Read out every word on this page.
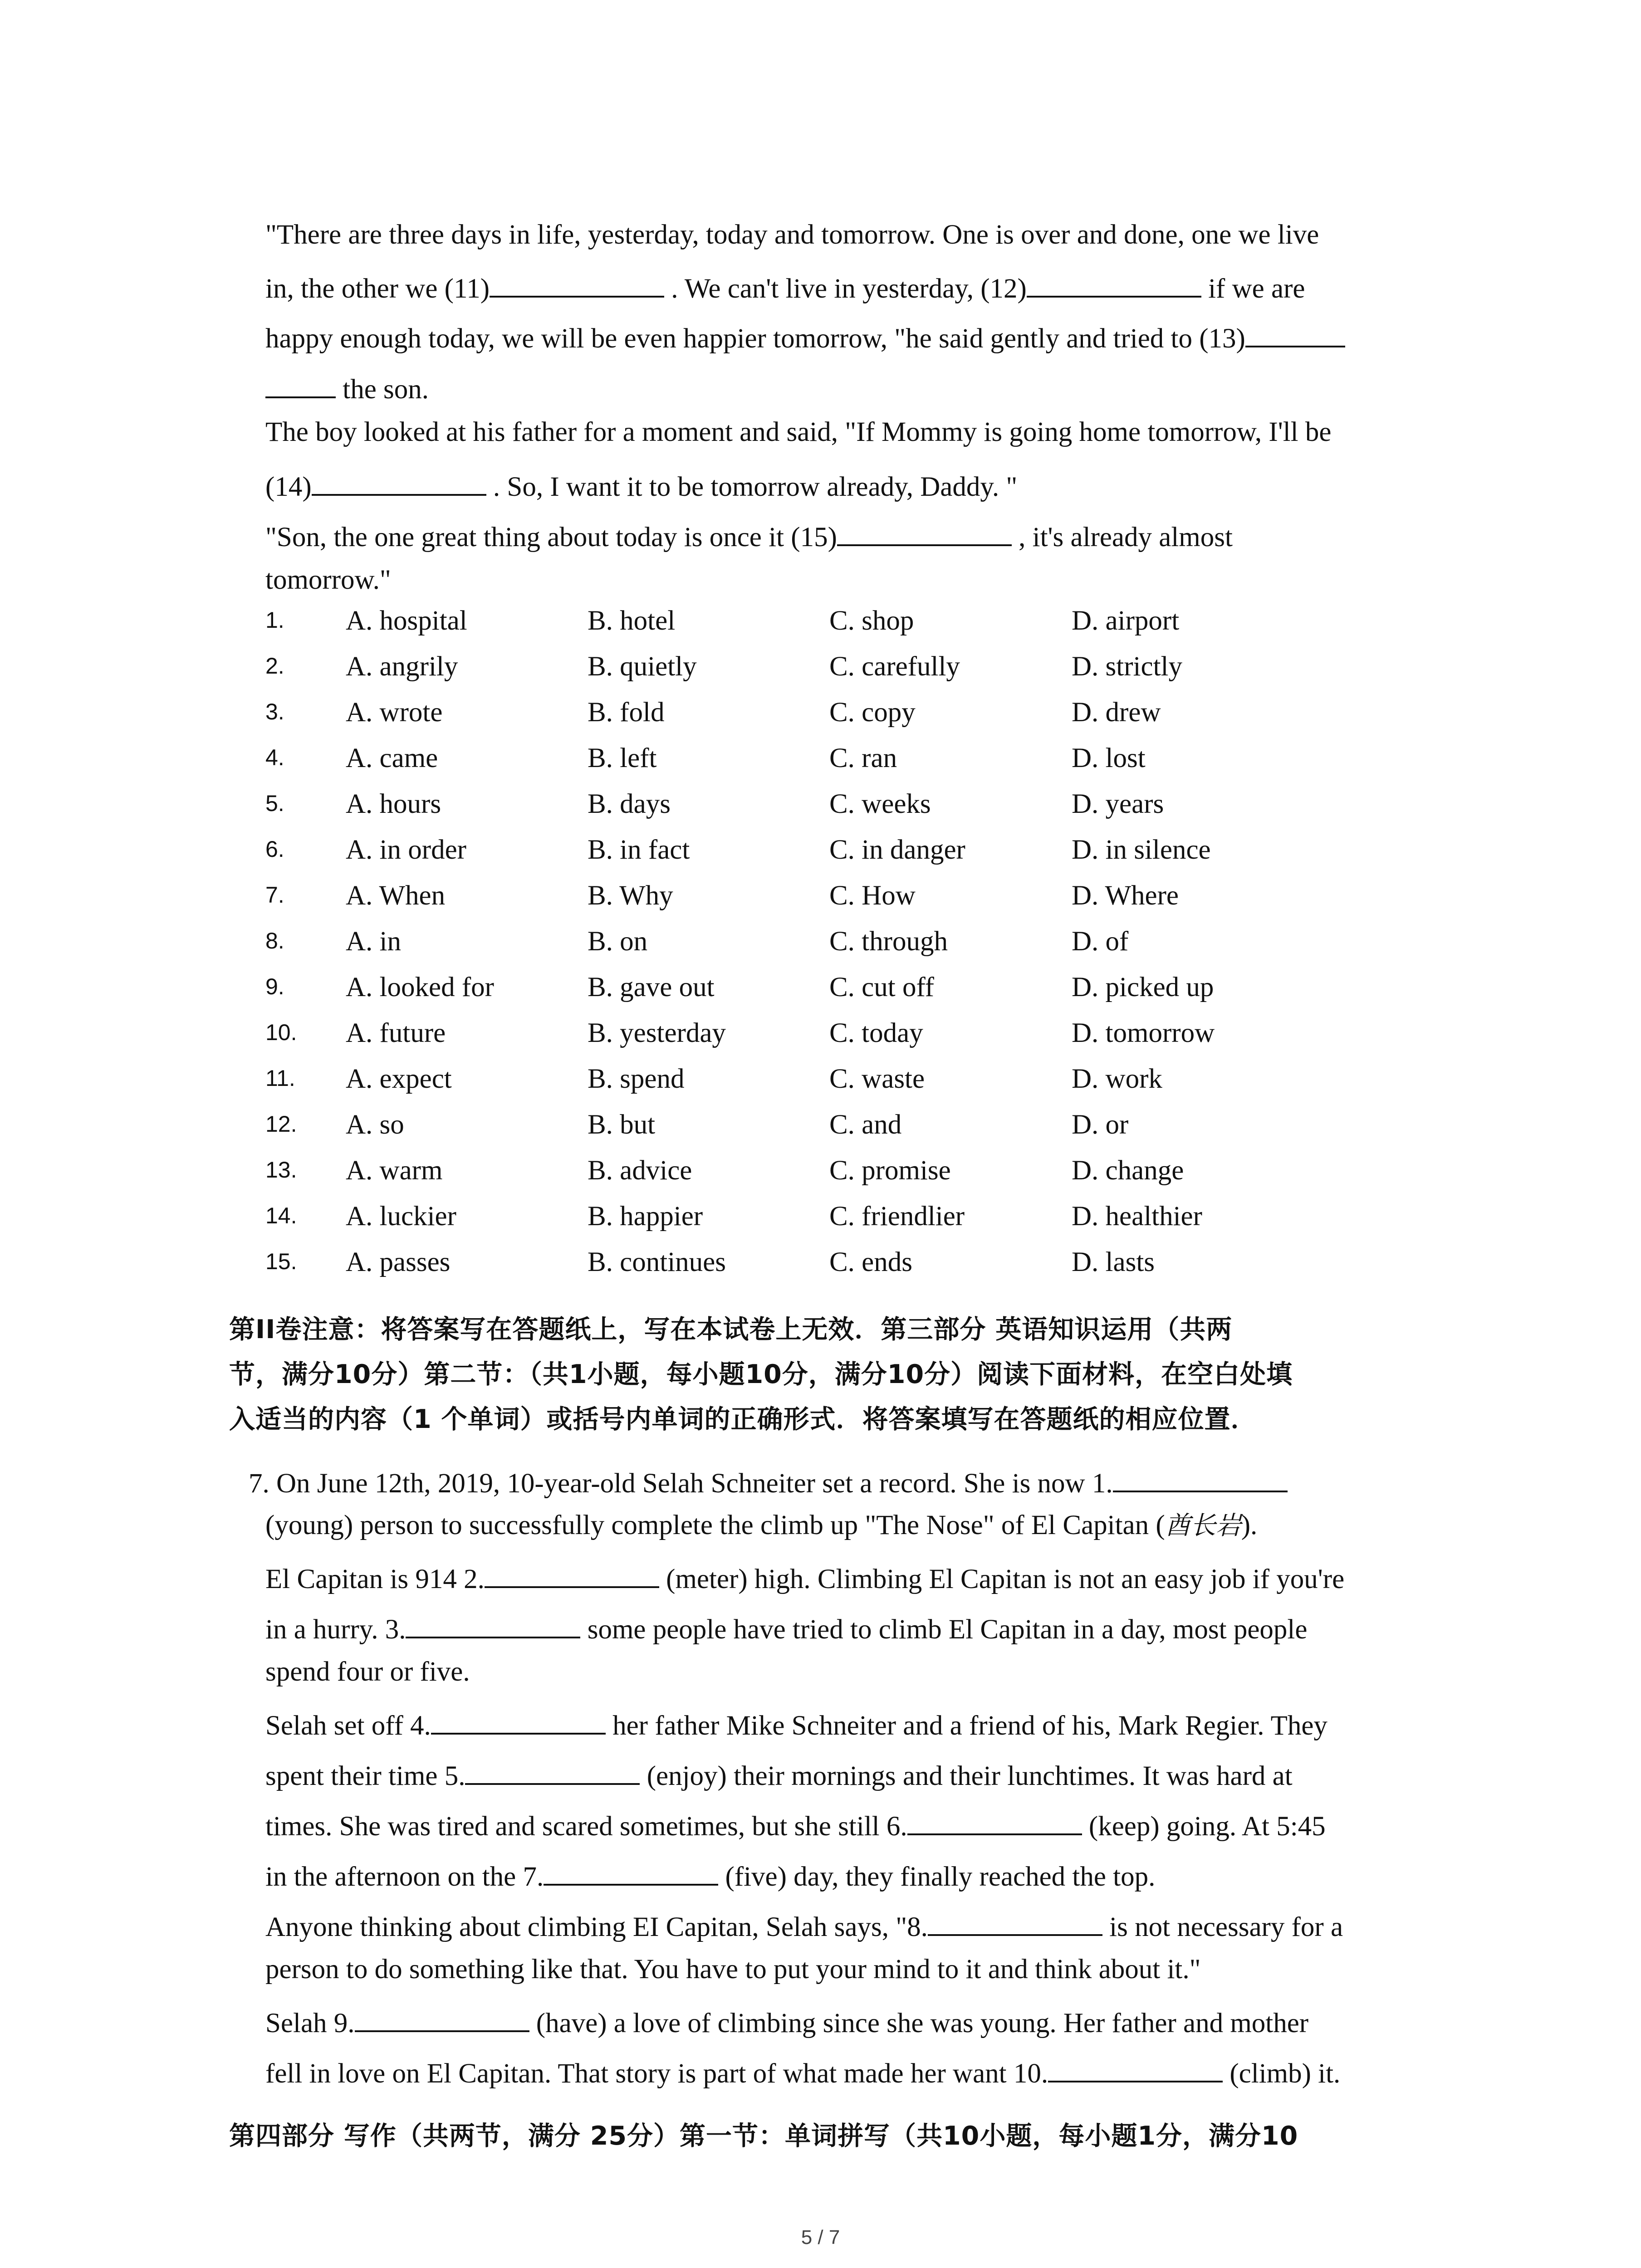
"There are three days in life, yesterday, today and tomorrow. One is over and done, one we live
in, the other we (11)	. We can't live in yesterday, (12)	if we are
happy enough today, we will be even happier tomorrow, "he said gently and tried to (13)
the son.
The boy looked at his father for a moment and said, "If Mommy is going home tomorrow, I'll be
(14)	. So, I want it to be tomorrow already, Daddy. "
"Son, the one great thing about today is once it (15)	, it's already almost
tomorrow."
1. A. hospital	B. hotel	C. shop	D. airport
2. A. angrily	B. quietly	C. carefully	D. strictly
3. A. wrote	B. fold	C. copy	D. drew
4. A. came	B. left	C. ran	D. lost
5. A. hours	B. days	C. weeks	D. years
6. A. in order	B. in fact	C. in danger	D. in silence
7. A. When	B. Why	C. How	D. Where
8. A. in	B. on	C. through	D. of
9. A. looked for	B. gave out	C. cut off	D. picked up
10. A. future	B. yesterday	C. today	D. tomorrow
11. A. expect	B. spend	C. waste	D. work
12. A. so	B. but	C. and	D. or
13. A. warm	B. advice	C. promise	D. change
14. A. luckier	B. happier	C. friendlier	D. healthier
15. A. passes	B. continues	C. ends	D. lasts
第II卷注意：将答案写在答题纸上，写在本试卷上无效．第三部分 英语知识运用（共两
节，满分10分）第二节：（共1小题，每小题10分，满分10分）阅读下面材料，在空白处填
入适当的内容（1 个单词）或括号内单词的正确形式．将答案填写在答题纸的相应位置．
7. On June 12th, 2019, 10-year-old Selah Schneiter set a record. She is now 1.
(young) person to successfully complete the climb up "The Nose" of El Capitan (酋长岩).
El Capitan is 914 2.	(meter) high. Climbing El Capitan is not an easy job if you're
in a hurry. 3.	some people have tried to climb El Capitan in a day, most people
spend four or five.
Selah set off 4.	her father Mike Schneiter and a friend of his, Mark Regier. They
spent their time 5.	(enjoy) their mornings and their lunchtimes. It was hard at
times. She was tired and scared sometimes, but she still 6.	(keep) going. At 5:45
in the afternoon on the 7.	(five) day, they finally reached the top.
Anyone thinking about climbing EI Capitan, Selah says, "8.	is not necessary for a
person to do something like that. You have to put your mind to it and think about it."
Selah 9.	(have) a love of climbing since she was young. Her father and mother
fell in love on El Capitan. That story is part of what made her want 10.	(climb) it.
第四部分 写作（共两节，满分 25分）第一节：单词拼写（共10小题，每小题1分，满分10
5 / 7
